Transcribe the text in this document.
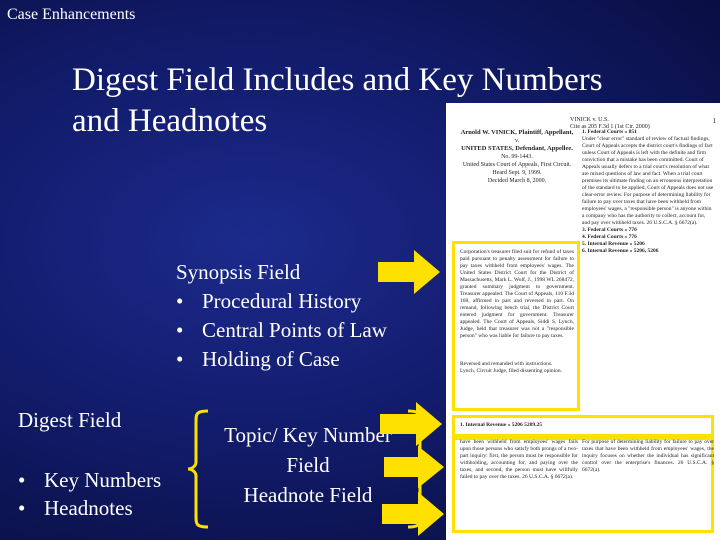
Case Enhancements
Digest Field Includes and Key Numbers
and Headnotes
Synopsis Field
• Procedural History
• Central Points of Law
• Holding of Case
Digest Field
• Key Numbers
• Headnotes
Topic/ Key Number
Field
Headnote Field
VINICK v. U.S.
Cite as 205 F.3d 1 (1st Cir. 2000)
1
Arnold W. VINICK, Plaintiff, Appellant,
v.
UNITED STATES, Defendant, Appellee.
No. 99-1443.
United States Court of Appeals, First Circuit.
Heard Sept. 9, 1999.
Decided March 8, 2000.
1. Federal Courts » 851
Under "clear error" standard of review of factual findings, Court of Appeals accepts the district court's findings of fact unless Court of Appeals is left with the definite and firm conviction that a mistake has been committed. Court of Appeals usually defers to a trial court's resolution of what are mixed questions of law and fact. When a trial court premises its ultimate finding on an erroneous interpretation of the standard to be applied, Court of Appeals does not use clear-error review. For purpose of determining liability for failure to pay over taxes that have been withheld from employees' wages, a "responsible person" is anyone within a company who has the authority to collect, account for, and pay over withheld taxes. 26 U.S.C.A. § 6672(a).
3. Federal Courts » 776
4. Federal Courts » 776
5. Internal Revenue » 5206
6. Internal Revenue » 5206, 5206
Corporation's treasurer filed suit for refund of taxes paid pursuant to penalty assessment for failure to pay taxes withheld from employees' wages. The United States District Court for the District of Massachusetts, Mark L. Wolf, J., 1998 WL 268472, granted summary judgment to government. Treasurer appealed. The Court of Appeals, 110 F.3d 168, affirmed in part and reversed in part. On remand, following bench trial, the District Court entered judgment for government. Treasurer appealed. The Court of Appeals, Siddi S. Lynch, Judge, held that treasurer was not a "responsible person" who was liable for failure to pay taxes.
Reversed and remanded with instructions.
Lynch, Circuit Judge, filed dissenting opinion.
1. Internal Revenue » 5206 5209.25
have been withheld from employees' wages fails upon those persons who satisfy both prongs of a two-part inquiry: first, the person must be responsible for withholding, accounting for, and paying over the taxes, and second, the person must have willfully failed to pay over the taxes. 26 U.S.C.A. § 6672(a).
For purpose of determining liability for failure to pay over taxes that have been withheld from employees' wages, the inquiry focuses on whether the individual has significant control over the enterprise's finances. 26 U.S.C.A. § 6672(a).
